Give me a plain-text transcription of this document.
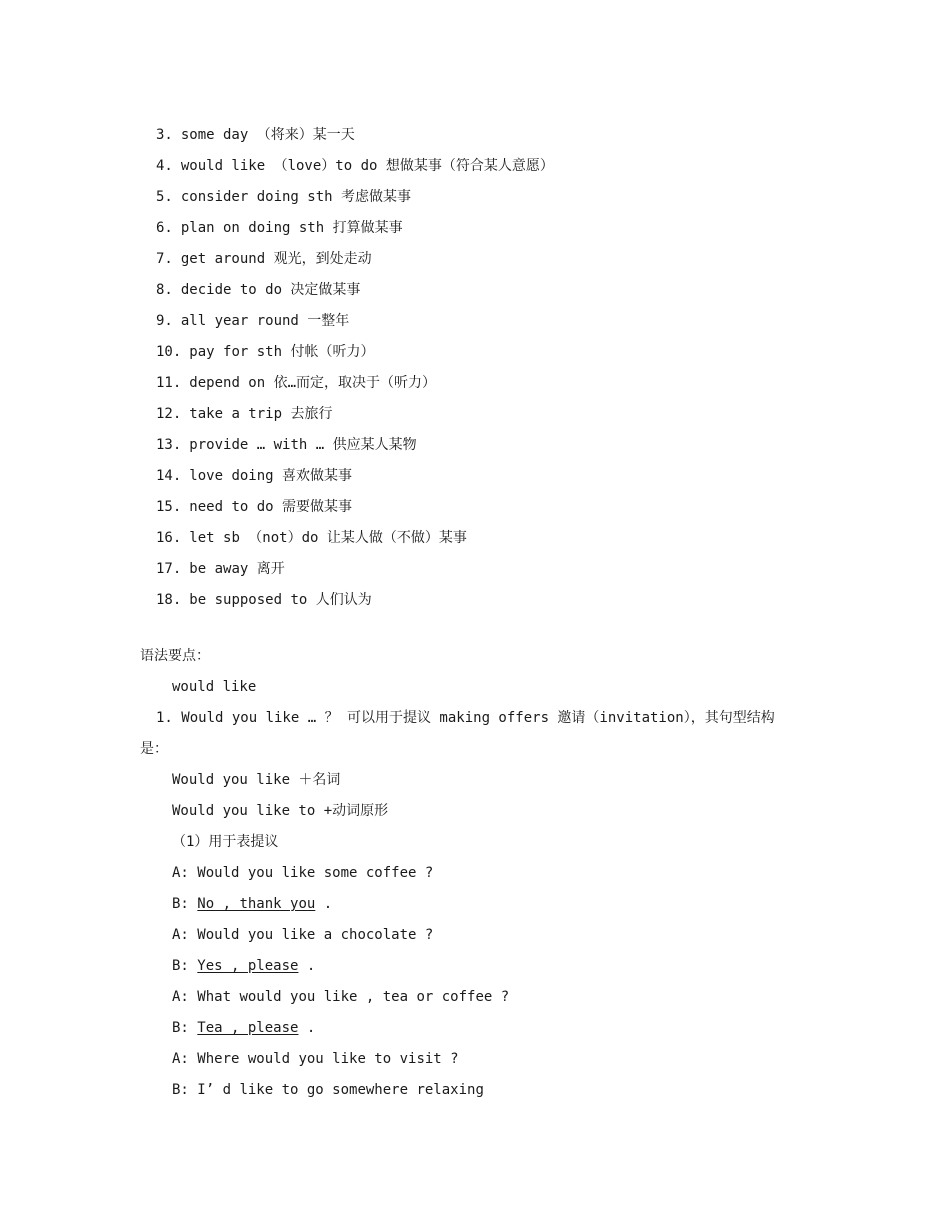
3. some day （将来）某一天
4. would like （love）to do 想做某事（符合某人意愿）
5. consider doing sth 考虑做某事
6. plan on doing sth 打算做某事
7. get around 观光，到处走动
8. decide to do 决定做某事
9. all year round 一整年
10. pay for sth 付帐（听力）
11. depend on 依…而定，取决于（听力）
12. take a trip 去旅行
13. provide … with … 供应某人某物
14. love doing 喜欢做某事
15. need to do 需要做某事
16. let sb （not）do 让某人做（不做）某事
17. be away 离开
18. be supposed to 人们认为
语法要点：
would like
1. Would you like … ？ 可以用于提议 making offers 邀请（invitation），其句型结构
是：
Would you like ＋名词
Would you like to +动词原形
（1）用于表提议
A: Would you like some coffee ?
B: No , thank you .
A: Would you like a chocolate ?
B: Yes , please .
A: What would you like , tea or coffee ?
B: Tea , please .
A: Where would you like to visit ?
B: I’ d like to go somewhere relaxing
